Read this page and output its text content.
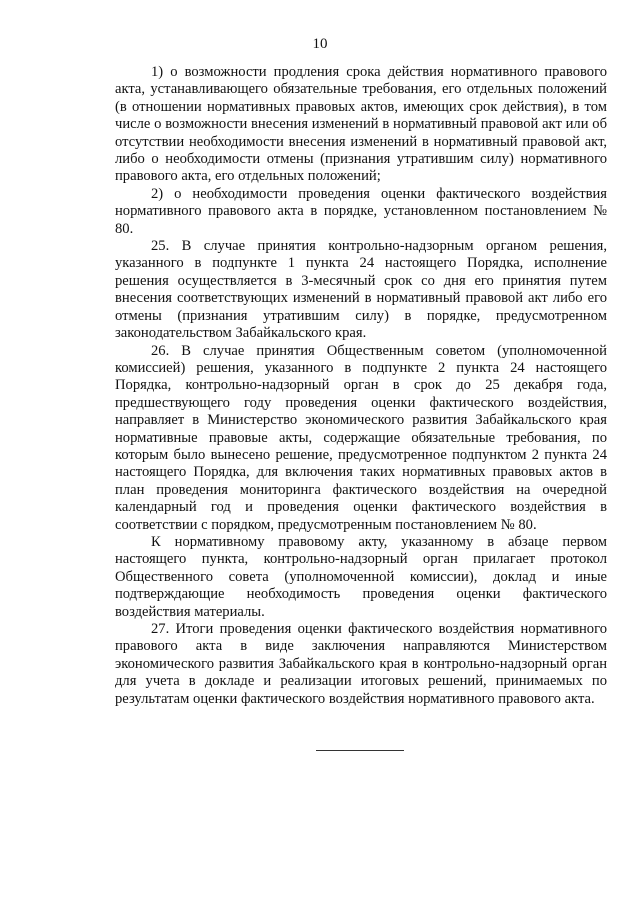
10

1) о возможности продления срока действия нормативного правового акта, устанавливающего обязательные требования, его отдельных положений (в отношении нормативных правовых актов, имеющих срок действия), в том числе о возможности внесения изменений в нормативный правовой акт или об отсутствии необходимости внесения изменений в нормативный правовой акт, либо о необходимости отмены (признания утратившим силу) нормативного правового акта, его отдельных положений;

2) о необходимости проведения оценки фактического воздействия нормативного правового акта в порядке, установленном постановлением № 80.

25. В случае принятия контрольно-надзорным органом решения, указанного в подпункте 1 пункта 24 настоящего Порядка, исполнение решения осуществляется в 3-месячный срок со дня его принятия путем внесения соответствующих изменений в нормативный правовой акт либо его отмены (признания утратившим силу) в порядке, предусмотренном законодательством Забайкальского края.

26. В случае принятия Общественным советом (уполномоченной комиссией) решения, указанного в подпункте 2 пункта 24 настоящего Порядка, контрольно-надзорный орган в срок до 25 декабря года, предшествующего году проведения оценки фактического воздействия, направляет в Министерство экономического развития Забайкальского края нормативные правовые акты, содержащие обязательные требования, по которым было вынесено решение, предусмотренное подпунктом 2 пункта 24 настоящего Порядка, для включения таких нормативных правовых актов в план проведения мониторинга фактического воздействия на очередной календарный год и проведения оценки фактического воздействия в соответствии с порядком, предусмотренным постановлением № 80.

К нормативному правовому акту, указанному в абзаце первом настоящего пункта, контрольно-надзорный орган прилагает протокол Общественного совета (уполномоченной комиссии), доклад и иные подтверждающие необходимость проведения оценки фактического воздействия материалы.

27. Итоги проведения оценки фактического воздействия нормативного правового акта в виде заключения направляются Министерством экономического развития Забайкальского края в контрольно-надзорный орган для учета в докладе и реализации итоговых решений, принимаемых по результатам оценки фактического воздействия нормативного правового акта.
